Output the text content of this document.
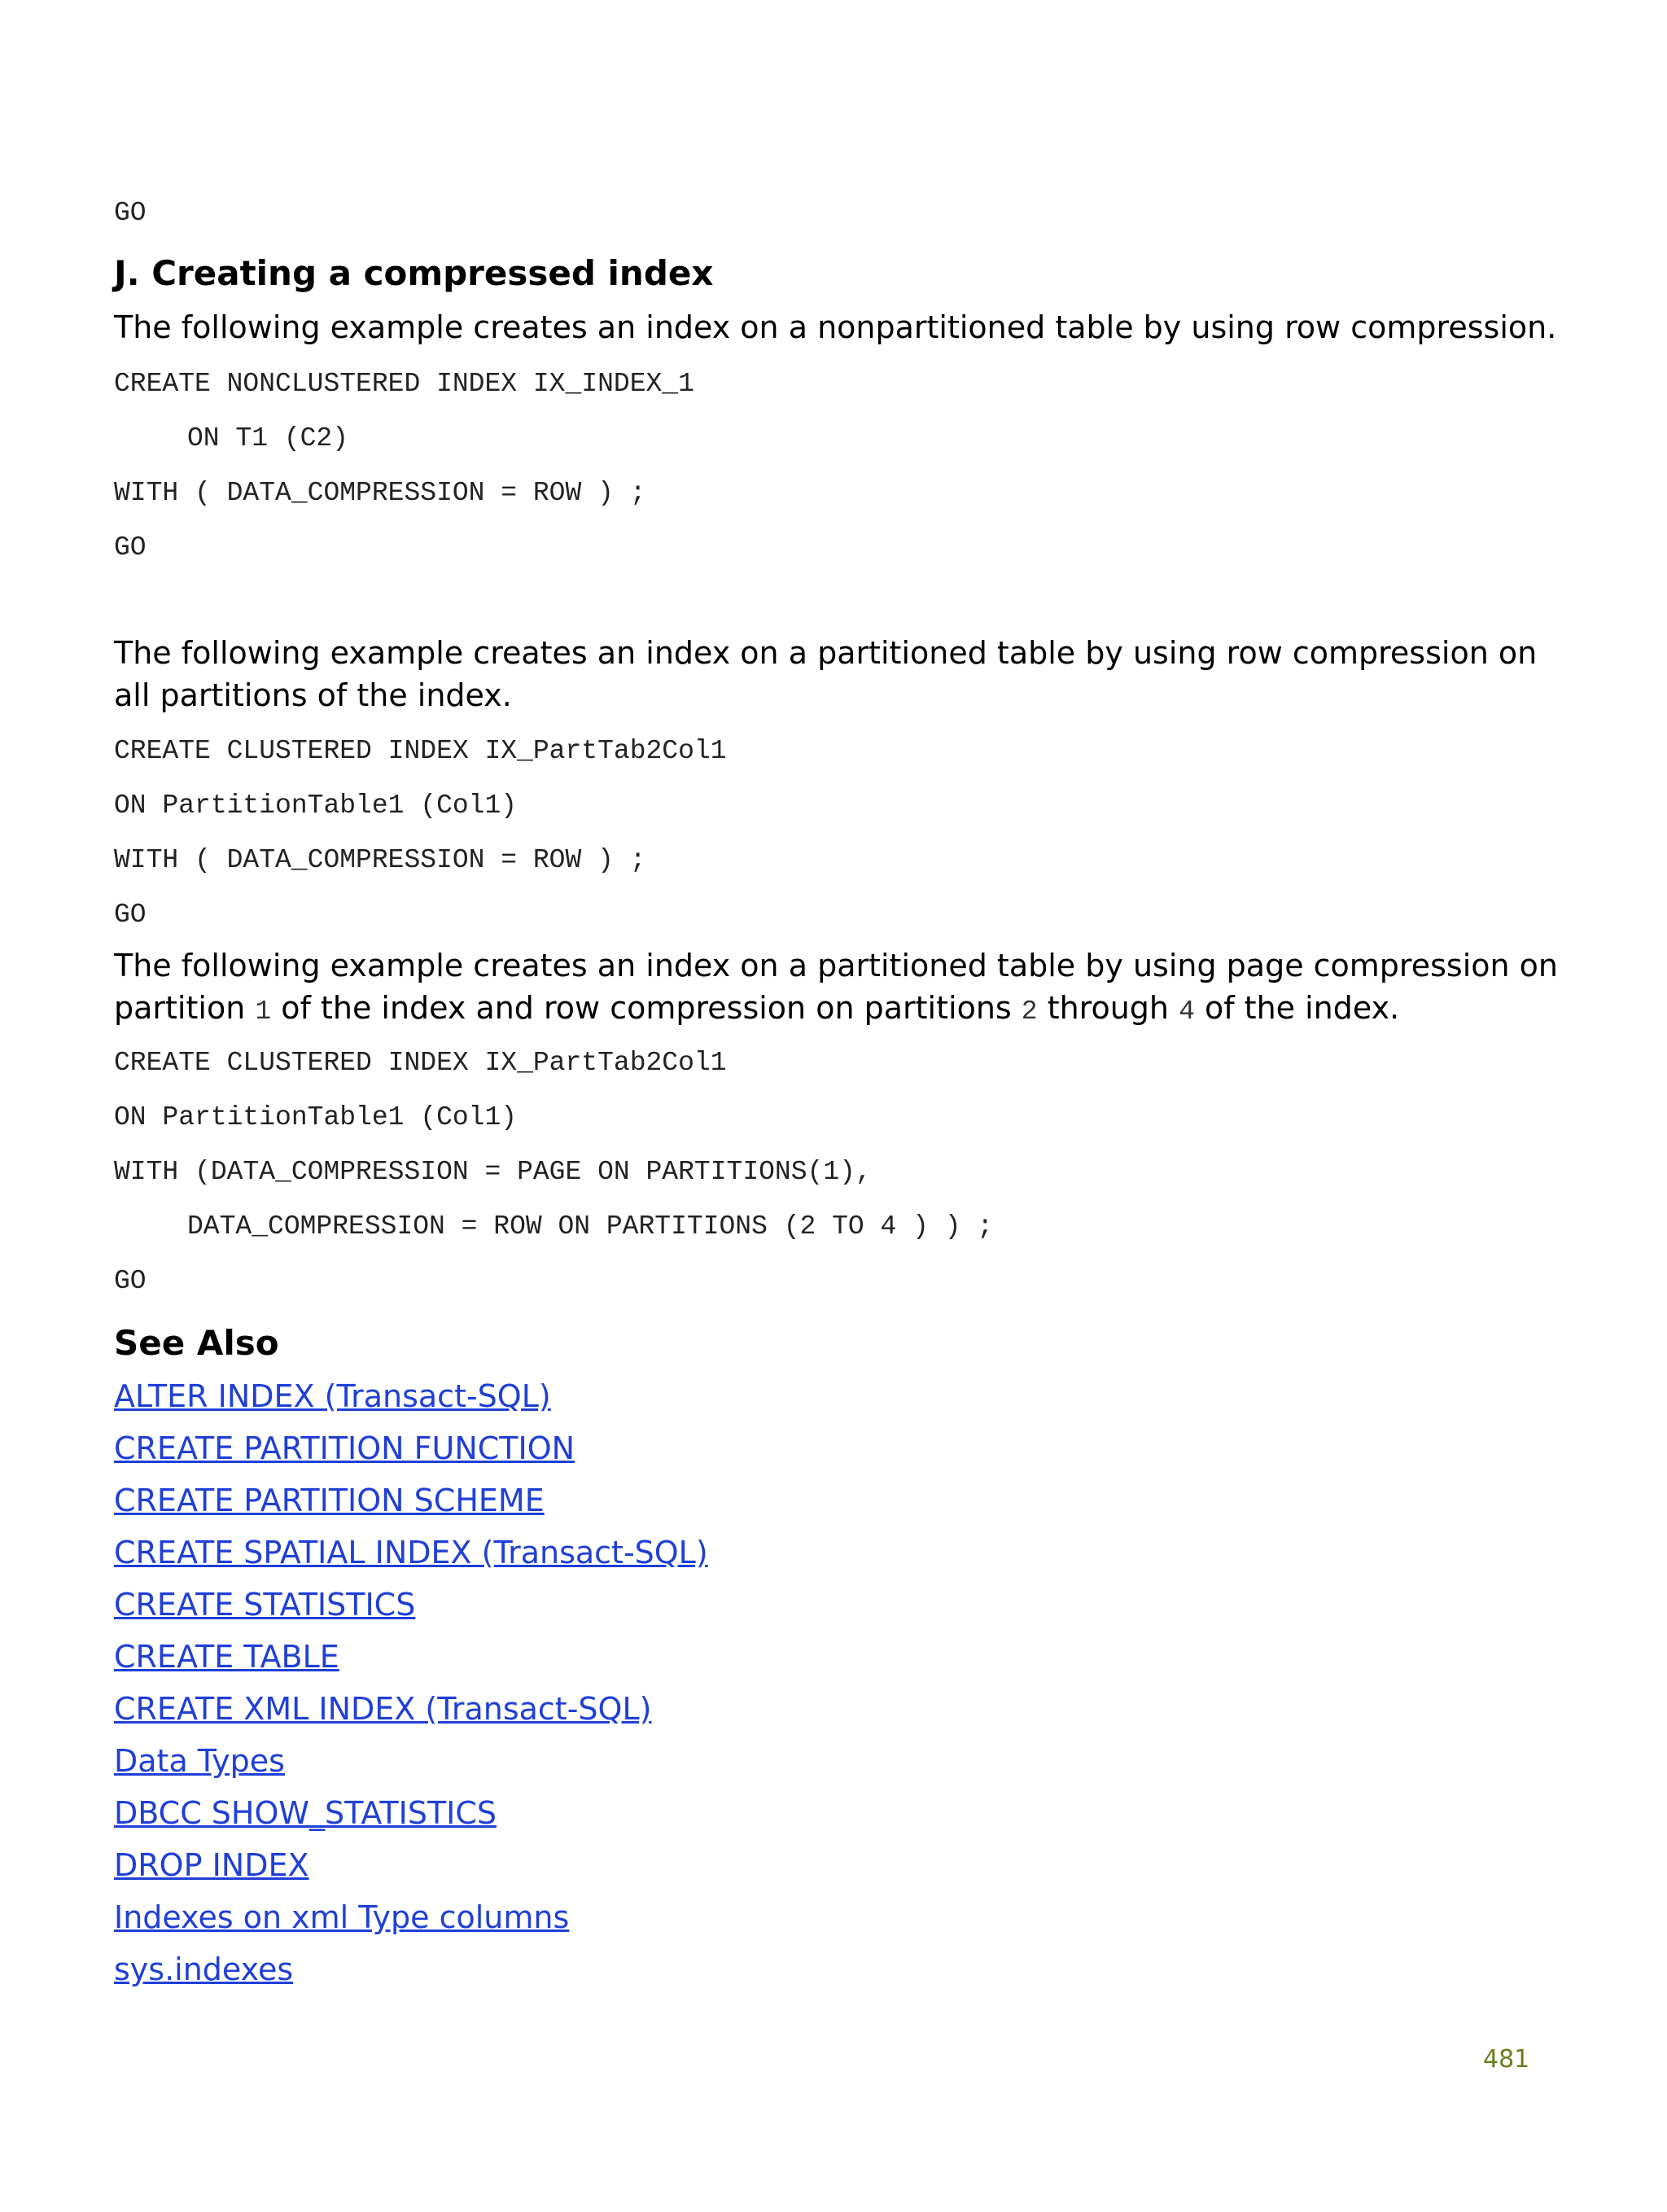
GO
J. Creating a compressed index
The following example creates an index on a nonpartitioned table by using row compression.
CREATE NONCLUSTERED INDEX IX_INDEX_1
ON T1 (C2)
WITH ( DATA_COMPRESSION = ROW ) ;
GO
The following example creates an index on a partitioned table by using row compression on all partitions of the index.
CREATE CLUSTERED INDEX IX_PartTab2Col1
ON PartitionTable1 (Col1)
WITH ( DATA_COMPRESSION = ROW ) ;
GO
The following example creates an index on a partitioned table by using page compression on partition 1 of the index and row compression on partitions 2 through 4 of the index.
CREATE CLUSTERED INDEX IX_PartTab2Col1
ON PartitionTable1 (Col1)
WITH (DATA_COMPRESSION = PAGE ON PARTITIONS(1),
DATA_COMPRESSION = ROW ON PARTITIONS (2 TO 4 ) ) ;
GO
See Also
ALTER INDEX (Transact-SQL)
CREATE PARTITION FUNCTION
CREATE PARTITION SCHEME
CREATE SPATIAL INDEX (Transact-SQL)
CREATE STATISTICS
CREATE TABLE
CREATE XML INDEX (Transact-SQL)
Data Types
DBCC SHOW_STATISTICS
DROP INDEX
Indexes on xml Type columns
sys.indexes
481
